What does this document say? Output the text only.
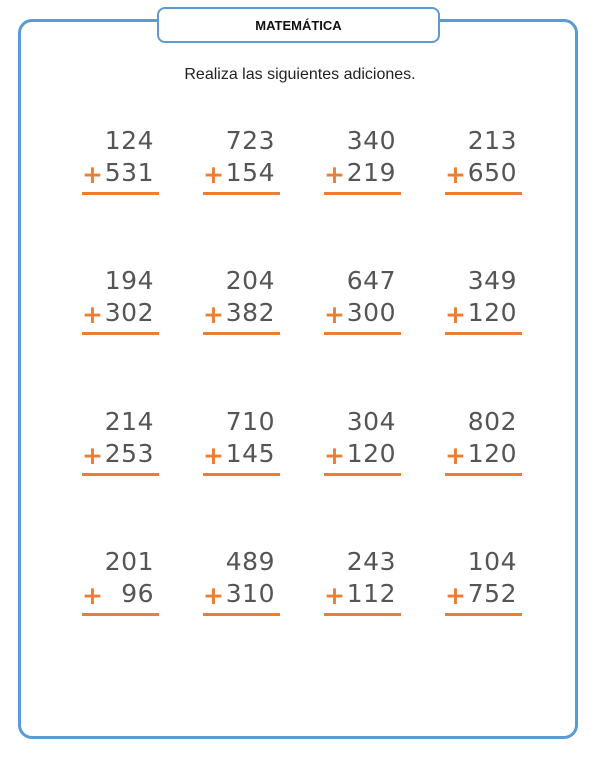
MATEMÁTICA
Realiza las siguientes adiciones.
124
+ 531
723
+ 154
340
+ 219
213
+ 650
194
+ 302
204
+ 382
647
+ 300
349
+ 120
214
+ 253
710
+ 145
304
+ 120
802
+ 120
201
+ 96
489
+ 310
243
+ 112
104
+ 752
